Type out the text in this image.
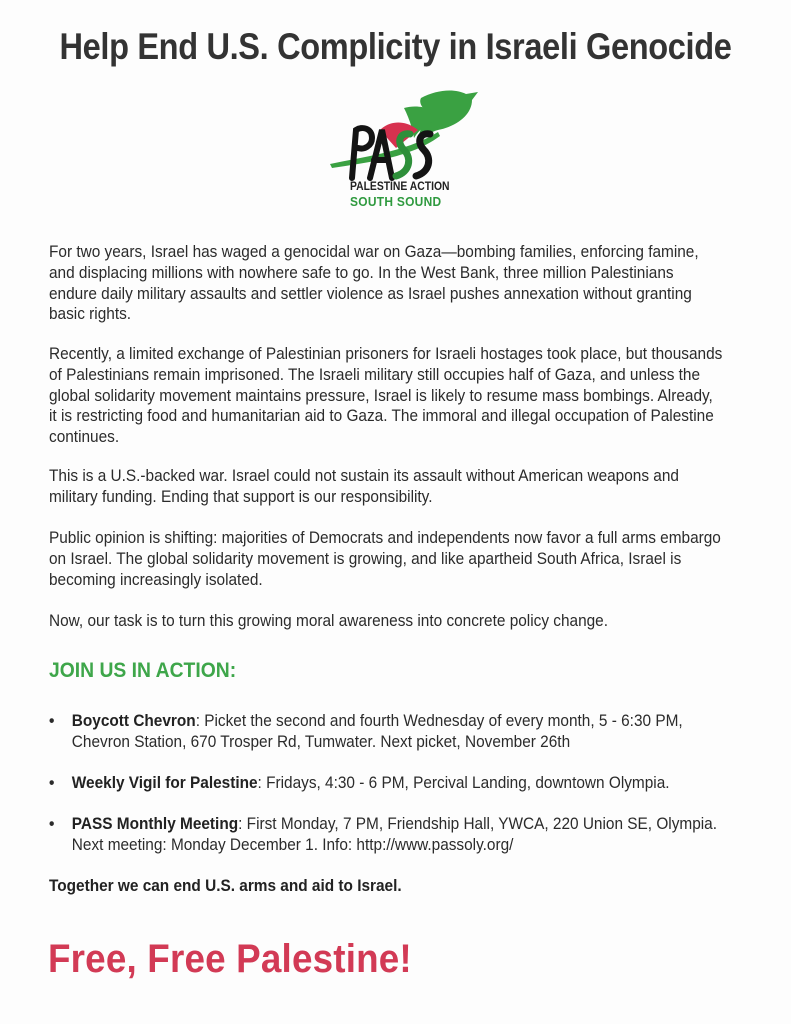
Help End U.S. Complicity in Israeli Genocide
PALESTINE ACTION
SOUTH SOUND

For two years, Israel has waged a genocidal war on Gaza—bombing families, enforcing famine, and displacing millions with nowhere safe to go. In the West Bank, three million Palestinians endure daily military assaults and settler violence as Israel pushes annexation without granting basic rights.

Recently, a limited exchange of Palestinian prisoners for Israeli hostages took place, but thousands of Palestinians remain imprisoned. The Israeli military still occupies half of Gaza, and unless the global solidarity movement maintains pressure, Israel is likely to resume mass bombings. Already, it is restricting food and humanitarian aid to Gaza. The immoral and illegal occupation of Palestine continues.

This is a U.S.-backed war. Israel could not sustain its assault without American weapons and military funding. Ending that support is our responsibility.

Public opinion is shifting: majorities of Democrats and independents now favor a full arms embargo on Israel. The global solidarity movement is growing, and like apartheid South Africa, Israel is becoming increasingly isolated.

Now, our task is to turn this growing moral awareness into concrete policy change.

JOIN US IN ACTION:
• Boycott Chevron: Picket the second and fourth Wednesday of every month, 5 - 6:30 PM, Chevron Station, 670 Trosper Rd, Tumwater. Next picket, November 26th
• Weekly Vigil for Palestine: Fridays, 4:30 - 6 PM, Percival Landing, downtown Olympia.
• PASS Monthly Meeting: First Monday, 7 PM, Friendship Hall, YWCA, 220 Union SE, Olympia. Next meeting: Monday December 1. Info: http://www.passoly.org/

Together we can end U.S. arms and aid to Israel.

Free, Free Palestine!
